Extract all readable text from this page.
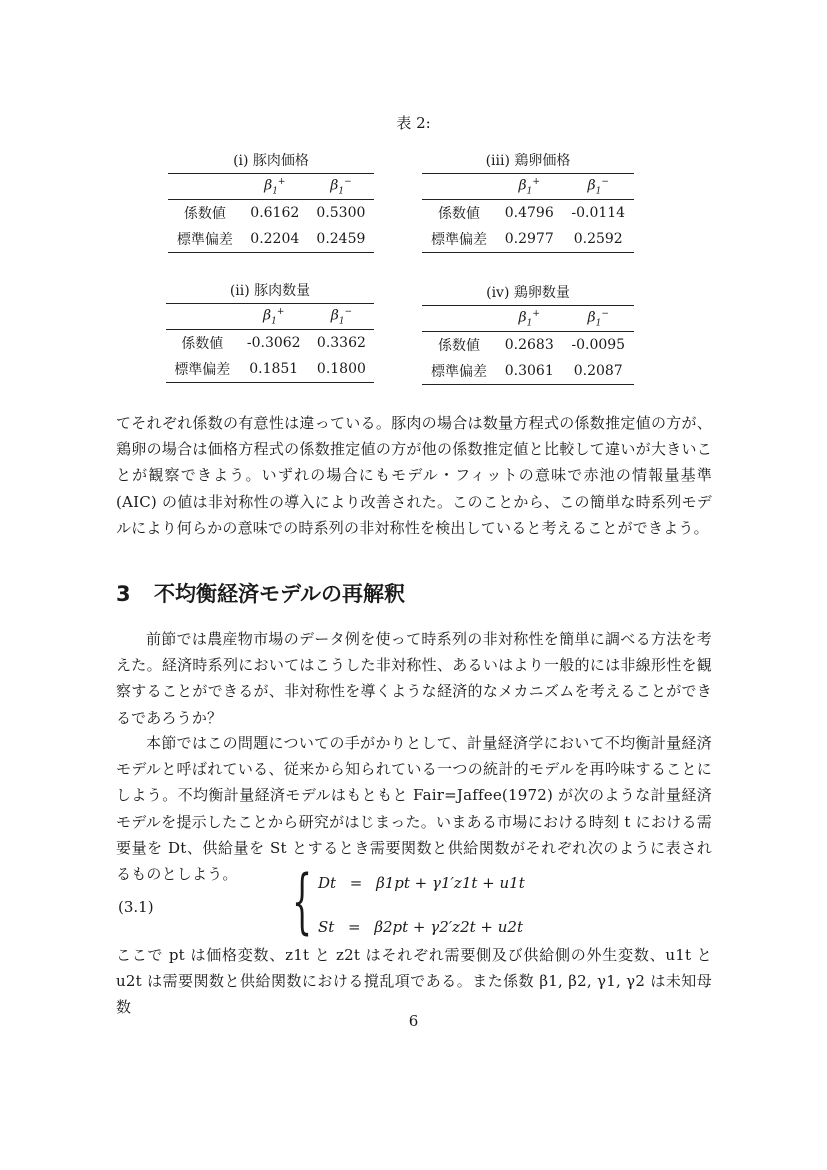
表 2:
(i) 豚肉価格
	$\beta_1^+$	$\beta_1^-$
係数値	0.6162	0.5300
標準偏差	0.2204	0.2459
(iii) 鶏卵価格
	$\beta_1^+$	$\beta_1^-$
係数値	0.4796	-0.0114
標準偏差	0.2977	0.2592
(ii) 豚肉数量
	$\beta_1^+$	$\beta_1^-$
係数値	-0.3062	0.3362
標準偏差	0.1851	0.1800
(iv) 鶏卵数量
	$\beta_1^+$	$\beta_1^-$
係数値	0.2683	-0.0095
標準偏差	0.3061	0.2087
てそれぞれ係数の有意性は違っている。豚肉の場合は数量方程式の係数推定値の方が、鶏卵の場合は価格方程式の係数推定値の方が他の係数推定値と比較して違いが大きいことが観察できよう。いずれの場合にもモデル・フィットの意味で赤池の情報量基準 (AIC) の値は非対称性の導入により改善された。このことから、この簡単な時系列モデルにより何らかの意味での時系列の非対称性を検出していると考えることができよう。
3 不均衡経済モデルの再解釈
前節では農産物市場のデータ例を使って時系列の非対称性を簡単に調べる方法を考えた。経済時系列においてはこうした非対称性、あるいはより一般的には非線形性を観察することができるが、非対称性を導くような経済的なメカニズムを考えることができるであろうか？
本節ではこの問題についての手がかりとして、計量経済学において不均衡計量経済モデルと呼ばれている、従来から知られている一つの統計的モデルを再吟味することにしよう。不均衡計量経済モデルはもともと Fair=Jaffee(1972) が次のような計量経済モデルを提示したことから研究がはじまった。いまある市場における時刻 t における需要量を Dt、供給量を St とするとき需要関数と供給関数がそれぞれ次のように表されるものとしよう。
(3.1) { Dt = β1pt + γ1′z1t + u1t
St = β2pt + γ2′z2t + u2t
ここで pt は価格変数、z1t と z2t はそれぞれ需要側及び供給側の外生変数、u1t と u2t は需要関数と供給関数における撹乱項である。また係数 β1, β2, γ1, γ2 は未知母数
6
